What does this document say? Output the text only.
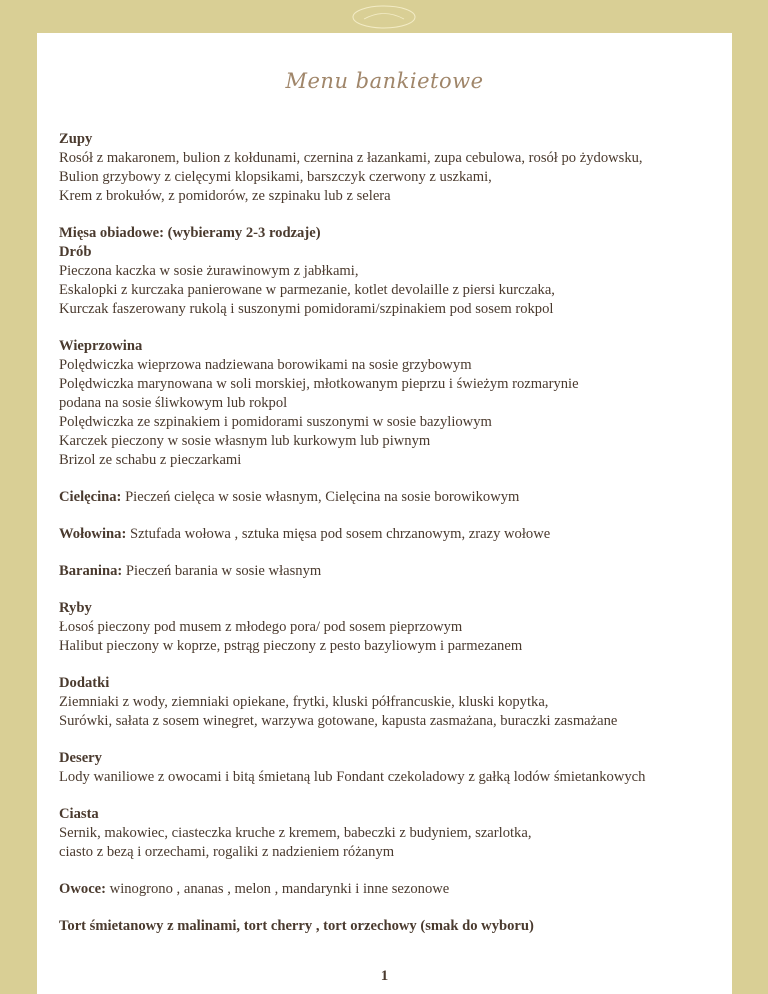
Menu bankietowe

Zupy

Rosół z makaronem, bulion z kołdunami, czernina z łazankami, zupa cebulowa, rosół po żydowsku,

Bulion grzybowy z cielęcymi klopsikami, barszczyk czerwony z uszkami,

Krem z brokułów, z pomidorów, ze szpinaku lub z selera

Mięsa obiadowe: (wybieramy 2-3 rodzaje)

Drób

Pieczona kaczka w sosie żurawinowym z jabłkami,

Eskalopki z kurczaka panierowane w parmezanie, kotlet devolaille z piersi kurczaka,

Kurczak faszerowany rukolą i suszonymi pomidorami/szpinakiem pod sosem rokpol

Wieprzowina

Polędwiczka wieprzowa nadziewana borowikami na sosie grzybowym

Polędwiczka marynowana w soli morskiej, młotkowanym pieprzu i świeżym rozmarynie

podana na sosie śliwkowym lub rokpol

Polędwiczka ze szpinakiem i pomidorami suszonymi w sosie bazyliowym

Karczek pieczony w sosie własnym lub kurkowym lub piwnym

Brizol ze schabu z pieczarkami

Cielęcina: Pieczeń cielęca w sosie własnym, Cielęcina na sosie borowikowym

Wołowina: Sztufada wołowa , sztuka mięsa pod sosem chrzanowym, zrazy wołowe

Baranina: Pieczeń barania w sosie własnym

Ryby

Łosoś pieczony pod musem z młodego pora/ pod sosem pieprzowym

Halibut pieczony w koprze, pstrąg pieczony z pesto bazyliowym i parmezanem

Dodatki

Ziemniaki z wody, ziemniaki opiekane, frytki, kluski półfrancuskie, kluski kopytka,

Surówki, sałata z sosem winegret, warzywa gotowane, kapusta zasmażana, buraczki zasmażane

Desery

Lody waniliowe z owocami i bitą śmietaną lub Fondant czekoladowy z gałką lodów śmietankowych

Ciasta

Sernik, makowiec, ciasteczka kruche z kremem, babeczki z budyniem, szarlotka,

ciasto z bezą i orzechami, rogaliki z nadzieniem różanym

Owoce: winogrono , ananas , melon , mandarynki i inne sezonowe

Tort śmietanowy z malinami, tort cherry , tort orzechowy (smak do wyboru)

1
